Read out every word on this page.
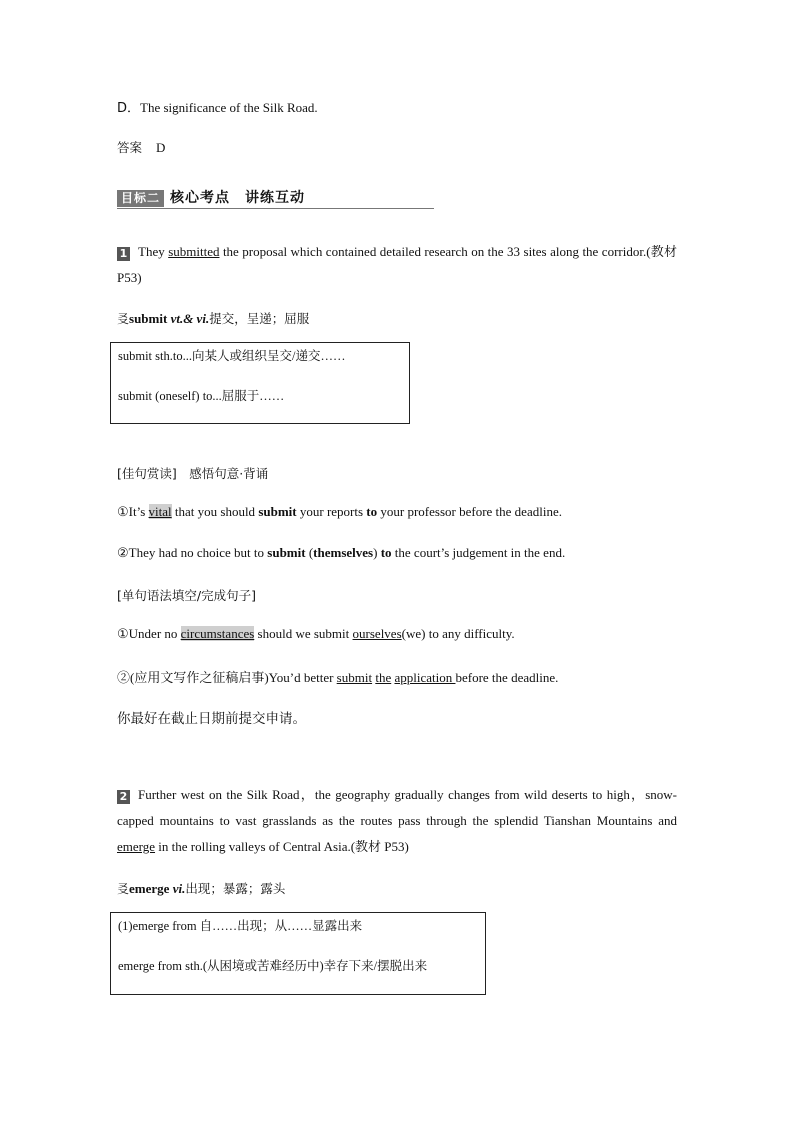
D．The significance of the Silk Road.
答案 D
目标二 核心考点　讲练互动
1 They submitted the proposal which contained detailed research on the 33 sites along the corridor.(教材 P53)
㕛submit vt.& vi.提交，呈递；屈服
submit sth.to...向某人或组织呈交/递交……
submit (oneself) to...屈服于……
[佳句赏读]　感悟句意·背诵
①It’s vital that you should submit your reports to your professor before the deadline.
②They had no choice but to submit (themselves) to the court’s judgement in the end.
[单句语法填空/完成句子]
①Under no circumstances should we submit ourselves(we) to any difficulty.
②(应用文写作之征稿启事)You’d better submit the application before the deadline.
你最好在截止日期前提交申请。
2 Further west on the Silk Road，the geography gradually changes from wild deserts to high，snow-capped mountains to vast grasslands as the routes pass through the splendid Tianshan Mountains and emerge in the rolling valleys of Central Asia.(教材 P53)
㕛emerge vi.出现；暴露；露头
(1)emerge from 自……出现；从……显露出来
emerge from sth.(从困境或苦难经历中)幸存下来/摆脱出来
